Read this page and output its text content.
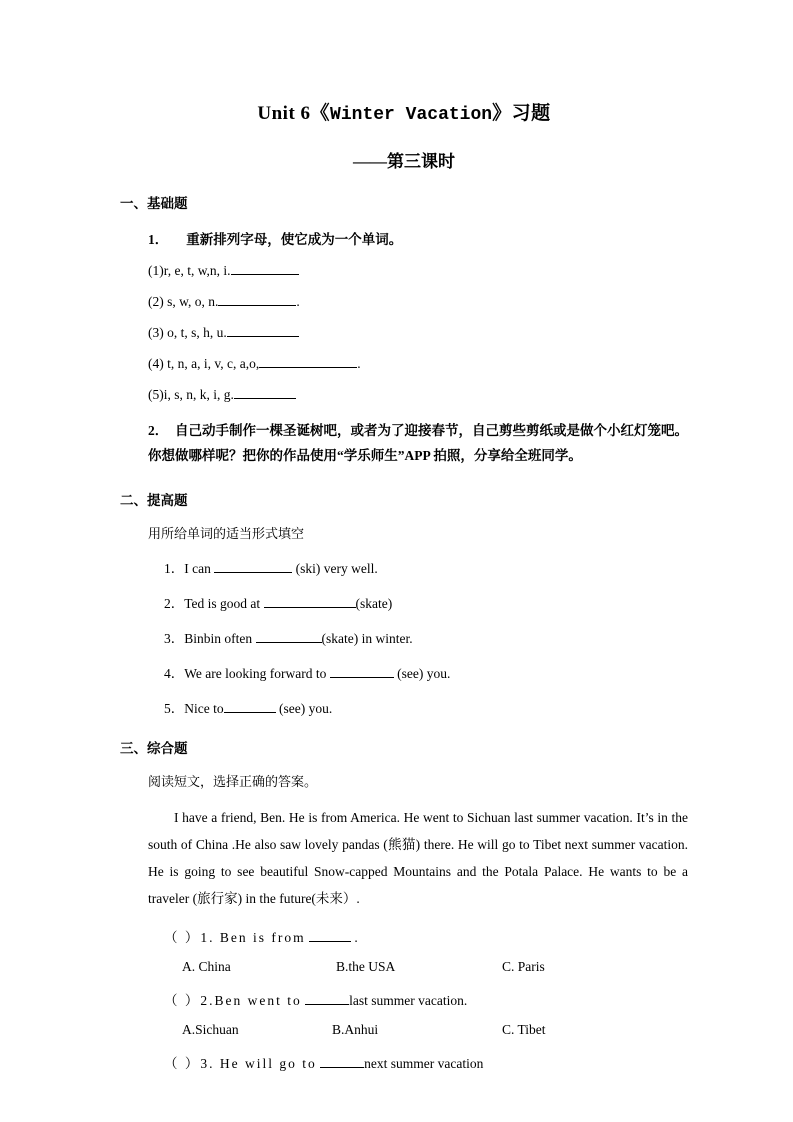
Unit 6《Winter Vacation》习题
——第三课时
一、基础题
1． 重新排列字母，使它成为一个单词。
(1)r, e, t, w,n, i.
(2) s, w, o, n.	.
(3) o, t, s, h, u.
(4) t, n, a, i, v, c, a,o,	.
(5)i, s, n, k, i, g.
2． 自己动手制作一棵圣诞树吧，或者为了迎接春节，自己剪些剪纸或是做个小红灯笼吧。你想做哪样呢？把你的作品使用“学乐师生”APP 拍照，分享给全班同学。
二、提高题
用所给单词的适当形式填空
1．I can	(ski) very well.
2．Ted is good at	(skate)
3．Binbin often	(skate) in winter.
4．We are looking forward to	(see) you.
5．Nice to	(see) you.
三、综合题
阅读短文，选择正确的答案。
I have a friend, Ben. He is from America. He went to Sichuan last summer vacation. It’s in the south of China .He also saw lovely pandas (熊猫) there. He will go to Tibet next summer vacation. He is going to see beautiful Snow-capped Mountains and the Potala Palace. He wants to be a traveler (旅行家) in the future(未来）.
（ ）1. Ben is from	.
A. China	B.the USA	C. Paris
（ ）2.Ben went to	last summer vacation.
A.Sichuan	B.Anhui	C. Tibet
（ ）3. He will go to	next summer vacation
